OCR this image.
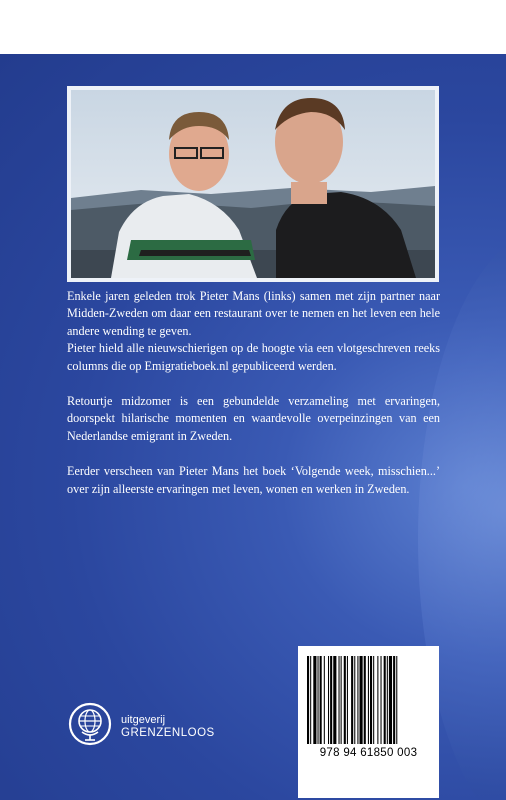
Enkele jaren geleden trok Pieter Mans (links) samen met zijn partner naar Midden-Zweden om daar een restaurant over te nemen en het leven een hele andere wending te geven.

Pieter hield alle nieuwschierigen op de hoogte via een vlotgeschreven reeks columns die op Emigratieboek.nl gepubliceerd werden.

Retourtje midzomer is een gebundelde verzameling met ervaringen, doorspekt hilarische momenten en waardevolle overpeinzingen van een Nederlandse emigrant in Zweden.

Eerder verscheen van Pieter Mans het boek ‘Volgende week, misschien...’ over zijn alleerste ervaringen met leven, wonen en werken in Zweden.

uitgeverij
GRENZENLOOS
978 94 61850 003
